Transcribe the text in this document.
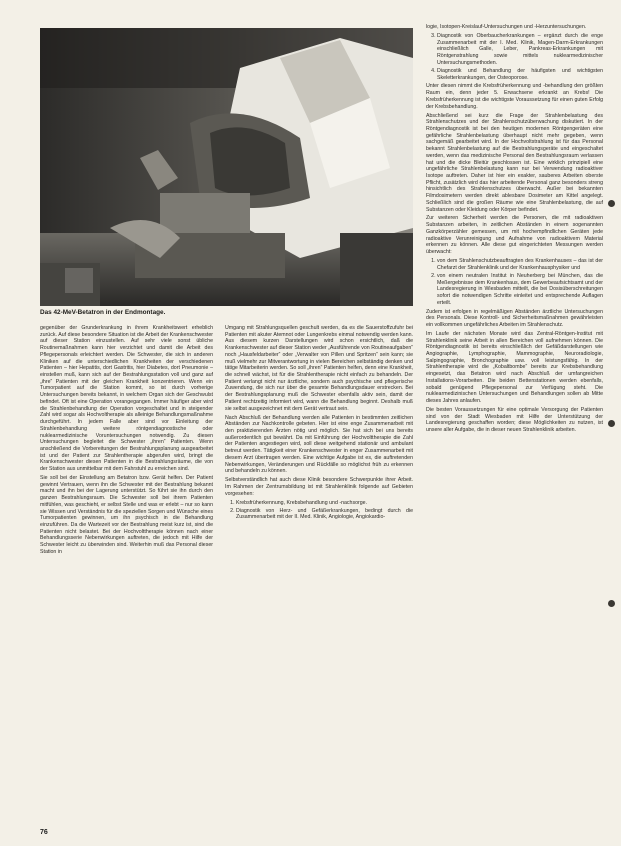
Das 42-MeV-Betatron in der Endmontage.

gegenüber der Grunderkrankung in ihrem Krankheitswert erheblich zurück. Auf diese besondere Situation ist die Arbeit der Krankenschwester auf dieser Station einzustellen. Auf sehr viele sonst übliche Routinemaßnahmen kann hier verzichtet und damit die Arbeit des Pflegepersonals erleichtert werden. Die Schwester, die sich in anderen Kliniken auf die unterschiedlichen Krankheiten der verschiedenen Patienten – hier Hepatitis, dort Gastritis, hier Diabetes, dort Pneumonie – einstellen muß, kann sich auf der Bestrahlungsstation voll und ganz auf „ihre“ Patienten mit der gleichen Krankheit konzentrieren. Wenn ein Tumorpatient auf die Station kommt, so ist durch vorherige Untersuchungen bereits bekannt, in welchem Organ sich der Geschwulst befindet. Oft ist eine Operation vorangegangen. Immer häufiger aber wird die Strahlenbehandlung der Operation vorgeschaltet und in steigender Zahl wird sogar als Hochvoltherapie als alleinige Behandlungsmaßnahme durchgeführt. In jedem Falle aber sind vor Einleitung der Strahlenbehandlung weitere röntgendiagnostische oder nuklearmedizinische Voruntersuchungen notwendig. Zu diesen Untersuchungen begleitet die Schwester „ihren“ Patienten. Wenn anschließend die Vorbereitungen der Bestrahlungsplanung ausgearbeitet ist und der Patient zur Strahlentherapie abgerufen wird, bringt die Krankenschwester diesen Patienten in die Bestrahlungsräume, die von der Station aus unmittelbar mit dem Fahrstuhl zu erreichen sind.

Sie soll bei der Einstellung am Betatron bzw. Gerät helfen. Der Patient gewinnt Vertrauen, wenn ihn die Schwester mit der Bestrahlung bekannt macht und ihn bei der Lagerung unterstützt. So führt sie ihn durch den ganzen Bestrahlungsraum. Die Schwester soll bei ihrem Patienten mitfühlen, was geschieht, er selbst Stelle und was er erlebt – nur so kann sie Wissen und Verständnis für die speziellen Sorgen und Wünsche eines Tumorpatienten gewinnen, um ihn psychisch in die Behandlung einzuführen. Da die Wartezeit vor der Bestrahlung meist kurz ist, sind die Patienten nicht belastet. Bei der Hochvolttherapie können nach einer Behandlungsserie Nebenwirkungen auftreten, die jedoch mit Hilfe der Schwester leicht zu überwinden sind. Weiterhin muß das Personal dieser Station in

Umgang mit Strahlungsquellen geschult werden, da es die Sauerstoffzufuhr bei Patienten mit akuter Atemnot oder Lungenkrebs einmal notwendig werden kann. Aus diesem kurzen Darstellungen wird schon ersichtlich, daß die Krankenschwester auf dieser Station weder „Ausführende von Routineaufgaben“ noch „Hausfeldarbeiter“ oder „Verwalter von Pillen und Spritzen“ sein kann; sie muß vielmehr zur Mitverantwortung in vielen Bereichen selbständig denken und tätige Mitarbeiterin werden. So soll „ihren“ Patienten helfen, denn eine Krankheit, die schnell wächst, ist für die Strahlentherapie nicht einfach zu behandeln. Der Patient verlangt nicht nur ärztliche, sondern auch psychische und pflegerische Zuwendung, die sich nur über die gesamte Behandlungsdauer erstrecken. Bei der Bestrahlungsplanung muß die Schwester ebenfalls aktiv sein, damit der Patient rechtzeitig informiert wird, wann die Behandlung beginnt. Deshalb muß sie selbst ausgezeichnet mit dem Gerät vertraut sein.

Nach Abschluß der Behandlung werden alle Patienten in bestimmten zeitlichen Abständen zur Nachkontrolle gebeten. Hier ist eine enge Zusammenarbeit mit den praktizierenden Ärzten nötig und möglich. Sie hat sich bei uns bereits außerordentlich gut bewährt. Da mit Einführung der Hochvolttherapie die Zahl der Patienten angestiegen wird, soll diese weitgehend stationär und ambulant betreut werden. Tätigkeit einer Krankenschwester in enger Zusammenarbeit mit diesem Arzt übertragen werden. Eine wichtige Aufgabe ist es, die auftretenden Nebenwirkungen, Veränderungen und Rückfälle so möglichst früh zu erkennen und behandeln zu können.

Selbstverständlich hat auch diese Klinik besondere Schwerpunkte ihrer Arbeit. Im Rahmen der Zentrumsbildung ist mit Strahlenklinik folgende auf Gebieten vorgesehen:

1. Krebsfrüherkennung, Krebsbehandlung und -nachsorge.
2. Diagnostik von Herz- und Gefäßerkrankungen, bedingt durch die Zusammenarbeit mit der II. Med. Klinik, Angiologie, Angiokardio-

logie, Isotopen-Kreislauf-Untersuchungen und -Herzuntersuchungen.

3. Diagnostik von Oberbaucherkrankungen – ergänzt durch die enge Zusammenarbeit mit der I. Med. Klinik, Magen-Darm-Erkrankungen einschließlich Galle, Leber, Pankreas-Erkrankungen mit Röntgenstrahlung sowie mittels nuklearmedizinischer Untersuchungsmethoden.
4. Diagnostik und Behandlung der häufigsten und wichtigsten Skeletterkrankungen, der Osteoporose.

Unter diesen nimmt die Krebsfrüherkennung und -behandlung den größten Raum ein, denn jeder 5. Erwachsene erkrankt an Krebs! Die Krebsfrüherkennung ist die wichtigste Voraussetzung für einen guten Erfolg der Krebsbehandlung.

Abschließend sei kurz die Frage der Strahlenbelastung des Strahlenschutzes und der Strahlenschutzüberwachung diskutiert. In der Röntgendiagnostik ist bei den heutigen modernen Röntgengeräten eine gefährliche Strahlenbelastung überhaupt nicht mehr gegeben, wenn sachgemäß gearbeitet wird. In der Hochvoltstrahlung ist für das Personal bekannt Strahlenbelastung auf die Bestrahlungsgeräte und eingeschaltet werden, wenn das medizinische Personal den Bestrahlungsraum verlassen hat und die dicke Bleitür geschlossen ist. Eine wirklich prinzipiell eine ungefährliche Strahlenbelastung kann nur bei Verwendung radioaktiver Isotope auftreten. Daher ist hier ein exakter, sauberes Arbeiten oberste Pflicht, zusätzlich wird das hier arbeitende Personal ganz besonders streng hinsichtlich des Strahlenschutzes überwacht. Außer bei bekannten Filmdosimetern werden direkt ablesbare Dosimeter am Kittel angelegt. Schließlich sind die großen Räume wie eine Strahlenbelastung, die auf Substanzen oder Kleidung oder Körper befindet.

Zur weiteren Sicherheit werden die Personen, die mit radioaktiven Substanzen arbeiten, in zeitlichen Abständen in einem sogenannten Ganzkörperzähler gemessen, um mit hochempfindlichen Geräten jede radioaktive Verunreinigung und Aufnahme von radioaktivem Material erkennen zu können. Alle diese gut eingerichteten Messungen werden überwacht:

1. von dem Strahlenschutzbeauftragten des Krankenhauses – das ist der Chefarzt der Strahlenklinik und der Krankenhausphysiker und
2. von einem neutralen Institut in Neuherberg bei München, das die Meßergebnisse dem Krankenhaus, dem Gewerbeaufsichtsamt und der Landesregierung in Wiesbaden mitteilt, die bei Dosisüberschreitungen sofort die notwendigen Schritte einleitet und entsprechende Auflagen erteilt.

Zudem ist erfolgen in regelmäßigen Abständen ärztliche Untersuchungen des Personals. Diese Kontroll- und Sicherheitsmaßnahmen gewährleisten ein vollkommen ungefährliches Arbeiten im Strahlenschutz.

Im Laufe der nächsten Monate wird das Zentral-Röntgen-Institut mit Strahlenklinik seine Arbeit in allen Bereichen voll aufnehmen können. Die Röntgendiagnostik ist bereits einschließlich der Gefäßdarstellungen wie Angiographie, Lymphographie, Mammographie, Neuroradiologie, Salpingographie, Bronchographie usw. voll leistungsfähig. In der Strahlentherapie wird die „Kobaltbombe“ bereits zur Krebsbehandlung eingesetzt, das Betatron wird nach Abschluß der umfangreichen Installations-Vorarbeiten. Die beiden Bettenstationen werden ebenfalls, sobald genügend Pflegepersonal zur Verfügung steht. Die nuklearmedizinischen Untersuchungen und Behandlungen sollen ab Mitte dieses Jahres anlaufen.

Die besten Voraussetzungen für eine optimale Versorgung der Patienten sind von der Stadt Wiesbaden mit Hilfe der Unterstützung der Landesregierung geschaffen worden; diese Möglichkeiten zu nutzen, ist unsere aller Aufgabe, die in dieser neuen Strahlenklinik arbeiten.

76
